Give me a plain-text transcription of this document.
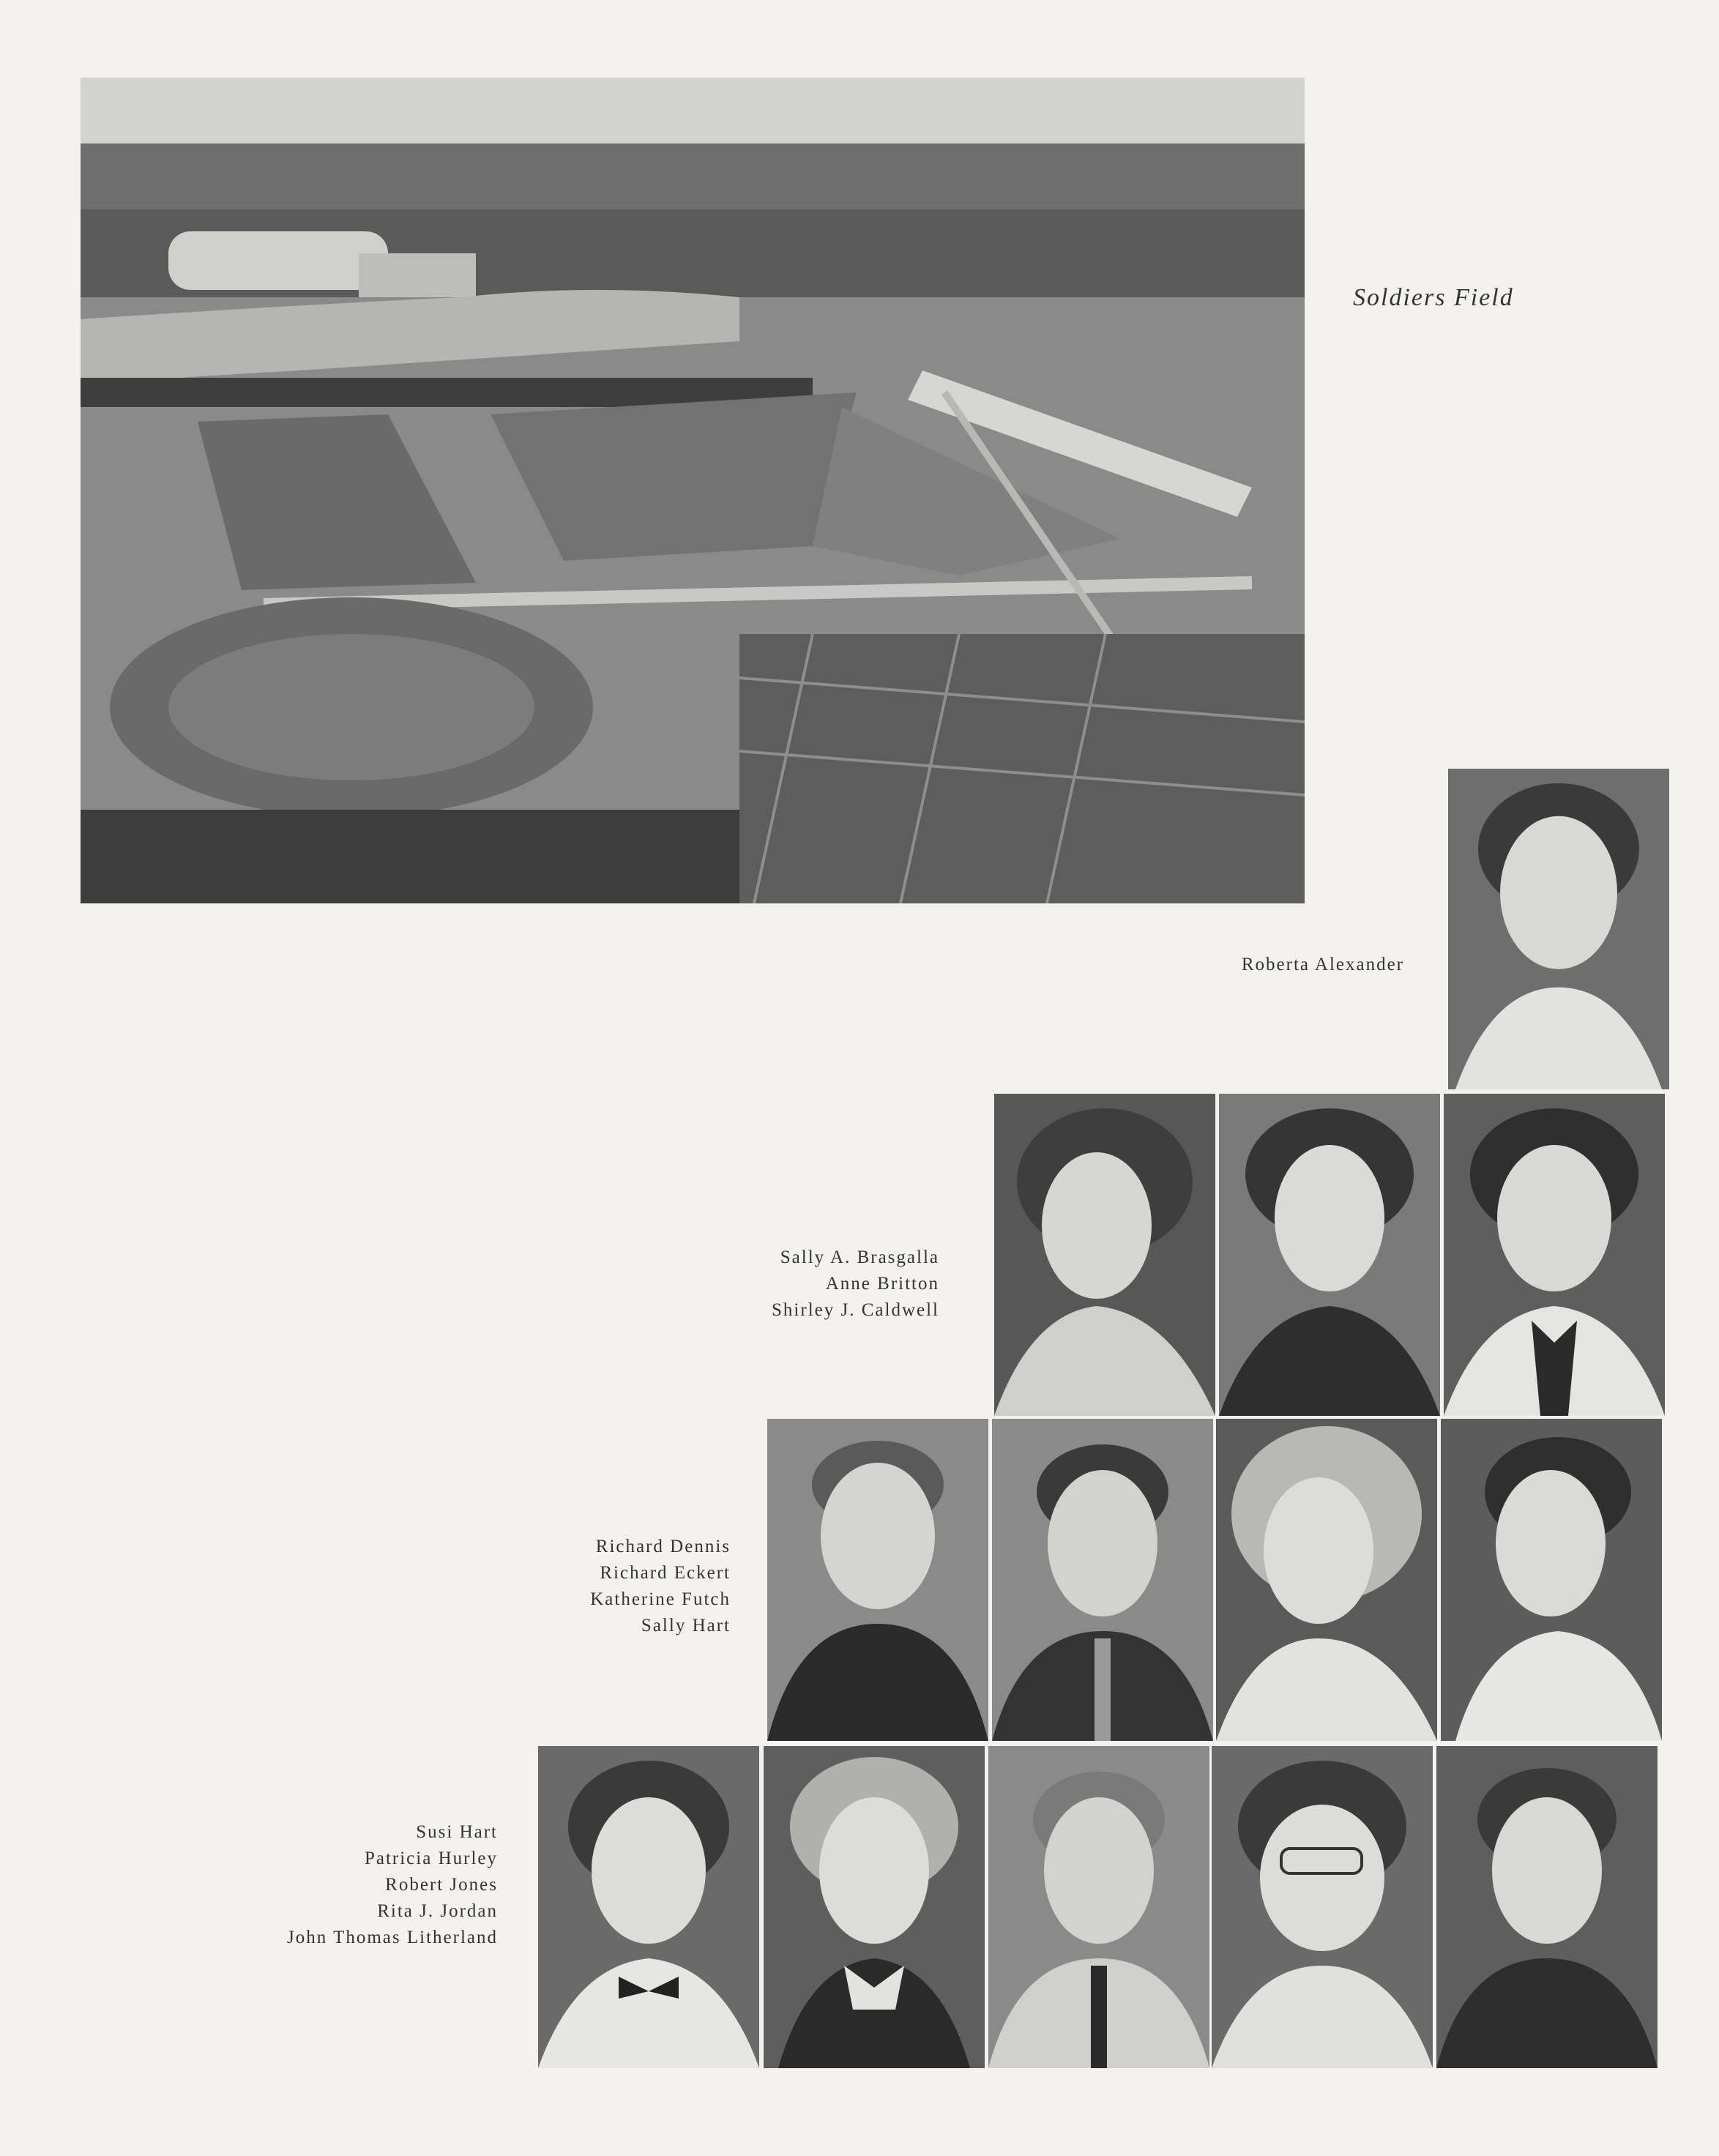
Soldiers Field
Roberta Alexander
Sally A. Brasgalla
Anne Britton
Shirley J. Caldwell
Richard Dennis
Richard Eckert
Katherine Futch
Sally Hart
Susi Hart
Patricia Hurley
Robert Jones
Rita J. Jordan
John Thomas Litherland
